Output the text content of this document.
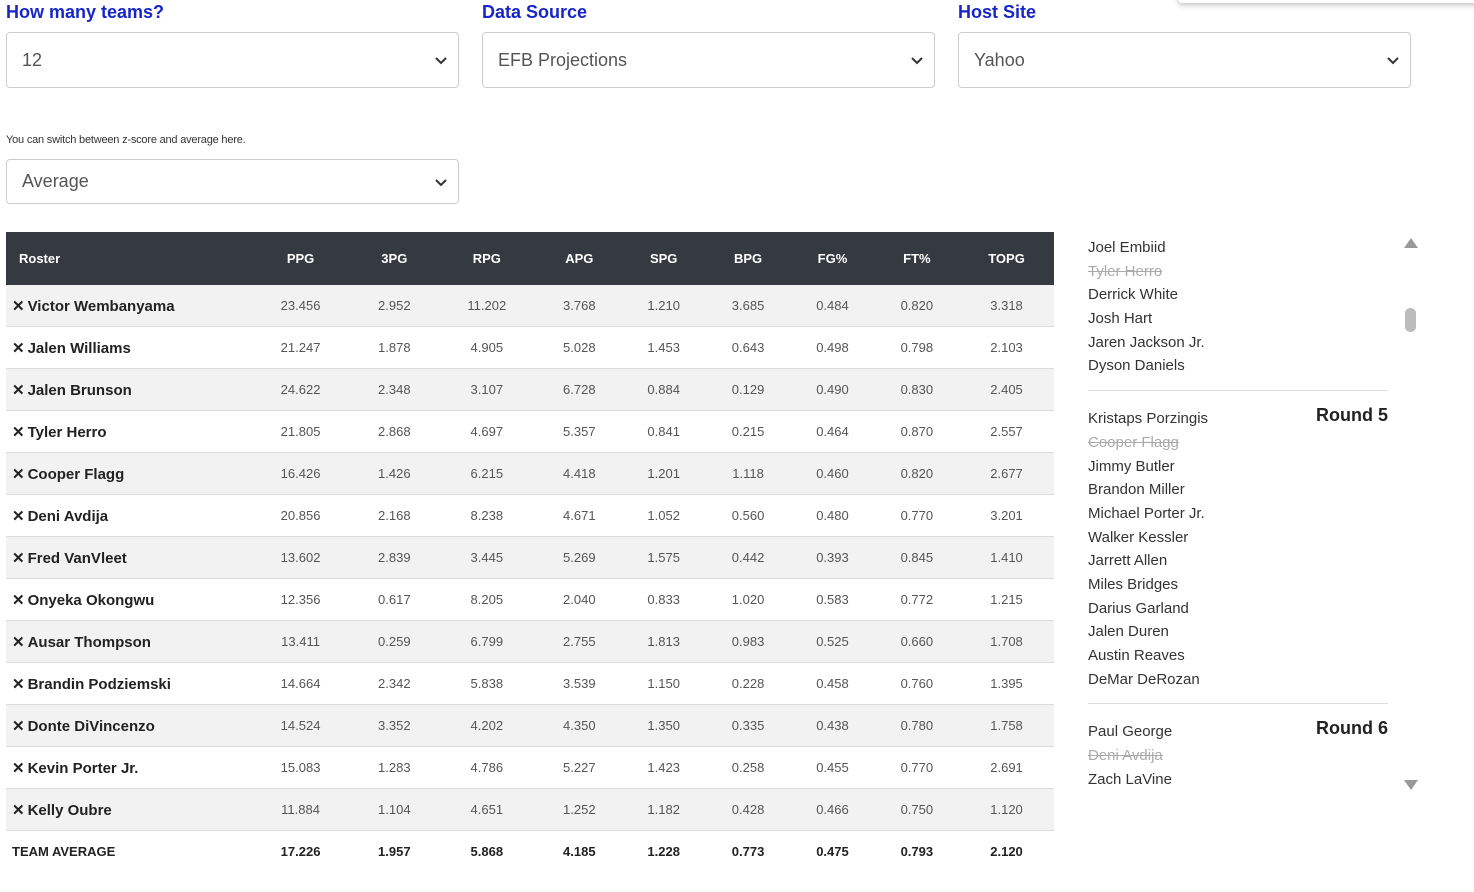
How many teams?
12
Data Source
EFB Projections
Host Site
Yahoo
You can switch between z-score and average here.
Average
Roster	PPG	3PG	RPG	APG	SPG	BPG	FG%	FT%	TOPG
✕ Victor Wembanyama	23.456	2.952	11.202	3.768	1.210	3.685	0.484	0.820	3.318
✕ Jalen Williams	21.247	1.878	4.905	5.028	1.453	0.643	0.498	0.798	2.103
✕ Jalen Brunson	24.622	2.348	3.107	6.728	0.884	0.129	0.490	0.830	2.405
✕ Tyler Herro	21.805	2.868	4.697	5.357	0.841	0.215	0.464	0.870	2.557
✕ Cooper Flagg	16.426	1.426	6.215	4.418	1.201	1.118	0.460	0.820	2.677
✕ Deni Avdija	20.856	2.168	8.238	4.671	1.052	0.560	0.480	0.770	3.201
✕ Fred VanVleet	13.602	2.839	3.445	5.269	1.575	0.442	0.393	0.845	1.410
✕ Onyeka Okongwu	12.356	0.617	8.205	2.040	0.833	1.020	0.583	0.772	1.215
✕ Ausar Thompson	13.411	0.259	6.799	2.755	1.813	0.983	0.525	0.660	1.708
✕ Brandin Podziemski	14.664	2.342	5.838	3.539	1.150	0.228	0.458	0.760	1.395
✕ Donte DiVincenzo	14.524	3.352	4.202	4.350	1.350	0.335	0.438	0.780	1.758
✕ Kevin Porter Jr.	15.083	1.283	4.786	5.227	1.423	0.258	0.455	0.770	2.691
✕ Kelly Oubre	11.884	1.104	4.651	1.252	1.182	0.428	0.466	0.750	1.120
TEAM AVERAGE	17.226	1.957	5.868	4.185	1.228	0.773	0.475	0.793	2.120
Joel Embiid
Tyler Herro
Derrick White
Josh Hart
Jaren Jackson Jr.
Dyson Daniels
Round 5
Kristaps Porzingis
Cooper Flagg
Jimmy Butler
Brandon Miller
Michael Porter Jr.
Walker Kessler
Jarrett Allen
Miles Bridges
Darius Garland
Jalen Duren
Austin Reaves
DeMar DeRozan
Round 6
Paul George
Deni Avdija
Zach LaVine
